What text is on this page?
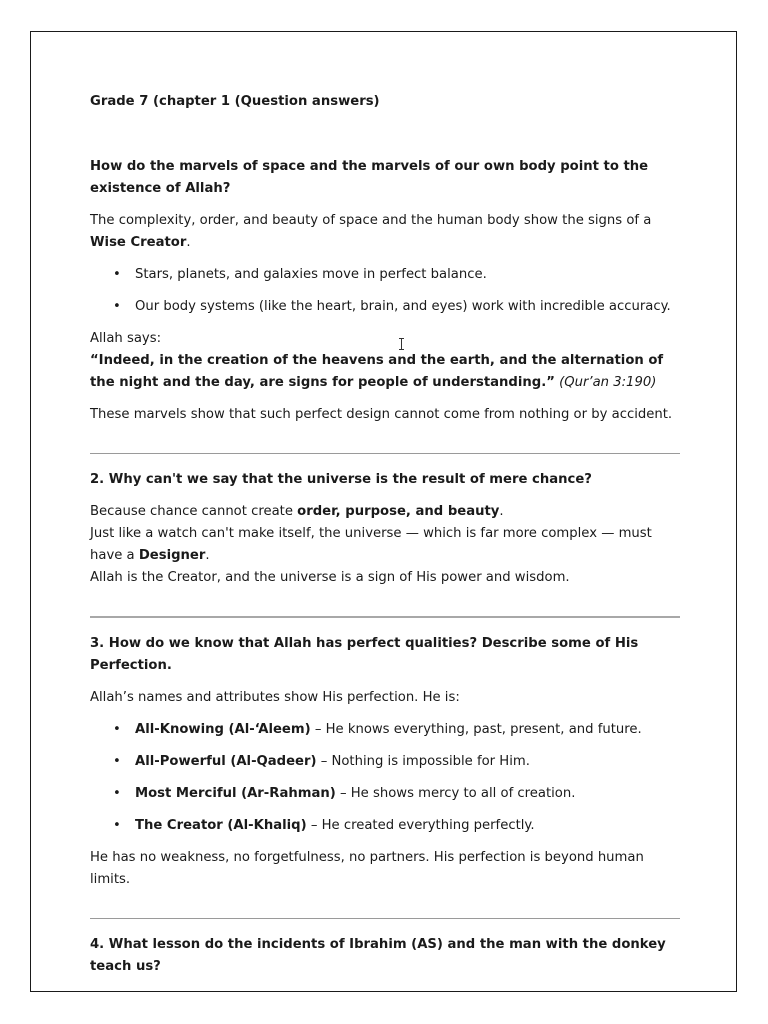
Grade 7 (chapter 1 (Question answers)

How do the marvels of space and the marvels of our own body point to the existence of Allah?

The complexity, order, and beauty of space and the human body show the signs of a Wise Creator.

• Stars, planets, and galaxies move in perfect balance.
• Our body systems (like the heart, brain, and eyes) work with incredible accuracy.

Allah says:

“Indeed, in the creation of the heavens and the earth, and the alternation of the night and the day, are signs for people of understanding.” (Qur’an 3:190)

These marvels show that such perfect design cannot come from nothing or by accident.

2. Why can't we say that the universe is the result of mere chance?

Because chance cannot create order, purpose, and beauty.
Just like a watch can't make itself, the universe — which is far more complex — must have a Designer.
Allah is the Creator, and the universe is a sign of His power and wisdom.

3. How do we know that Allah has perfect qualities? Describe some of His Perfection.

Allah’s names and attributes show His perfection. He is:

• All-Knowing (Al-‘Aleem) – He knows everything, past, present, and future.
• All-Powerful (Al-Qadeer) – Nothing is impossible for Him.
• Most Merciful (Ar-Rahman) – He shows mercy to all of creation.
• The Creator (Al-Khaliq) – He created everything perfectly.

He has no weakness, no forgetfulness, no partners. His perfection is beyond human limits.

4. What lesson do the incidents of Ibrahim (AS) and the man with the donkey teach us?
